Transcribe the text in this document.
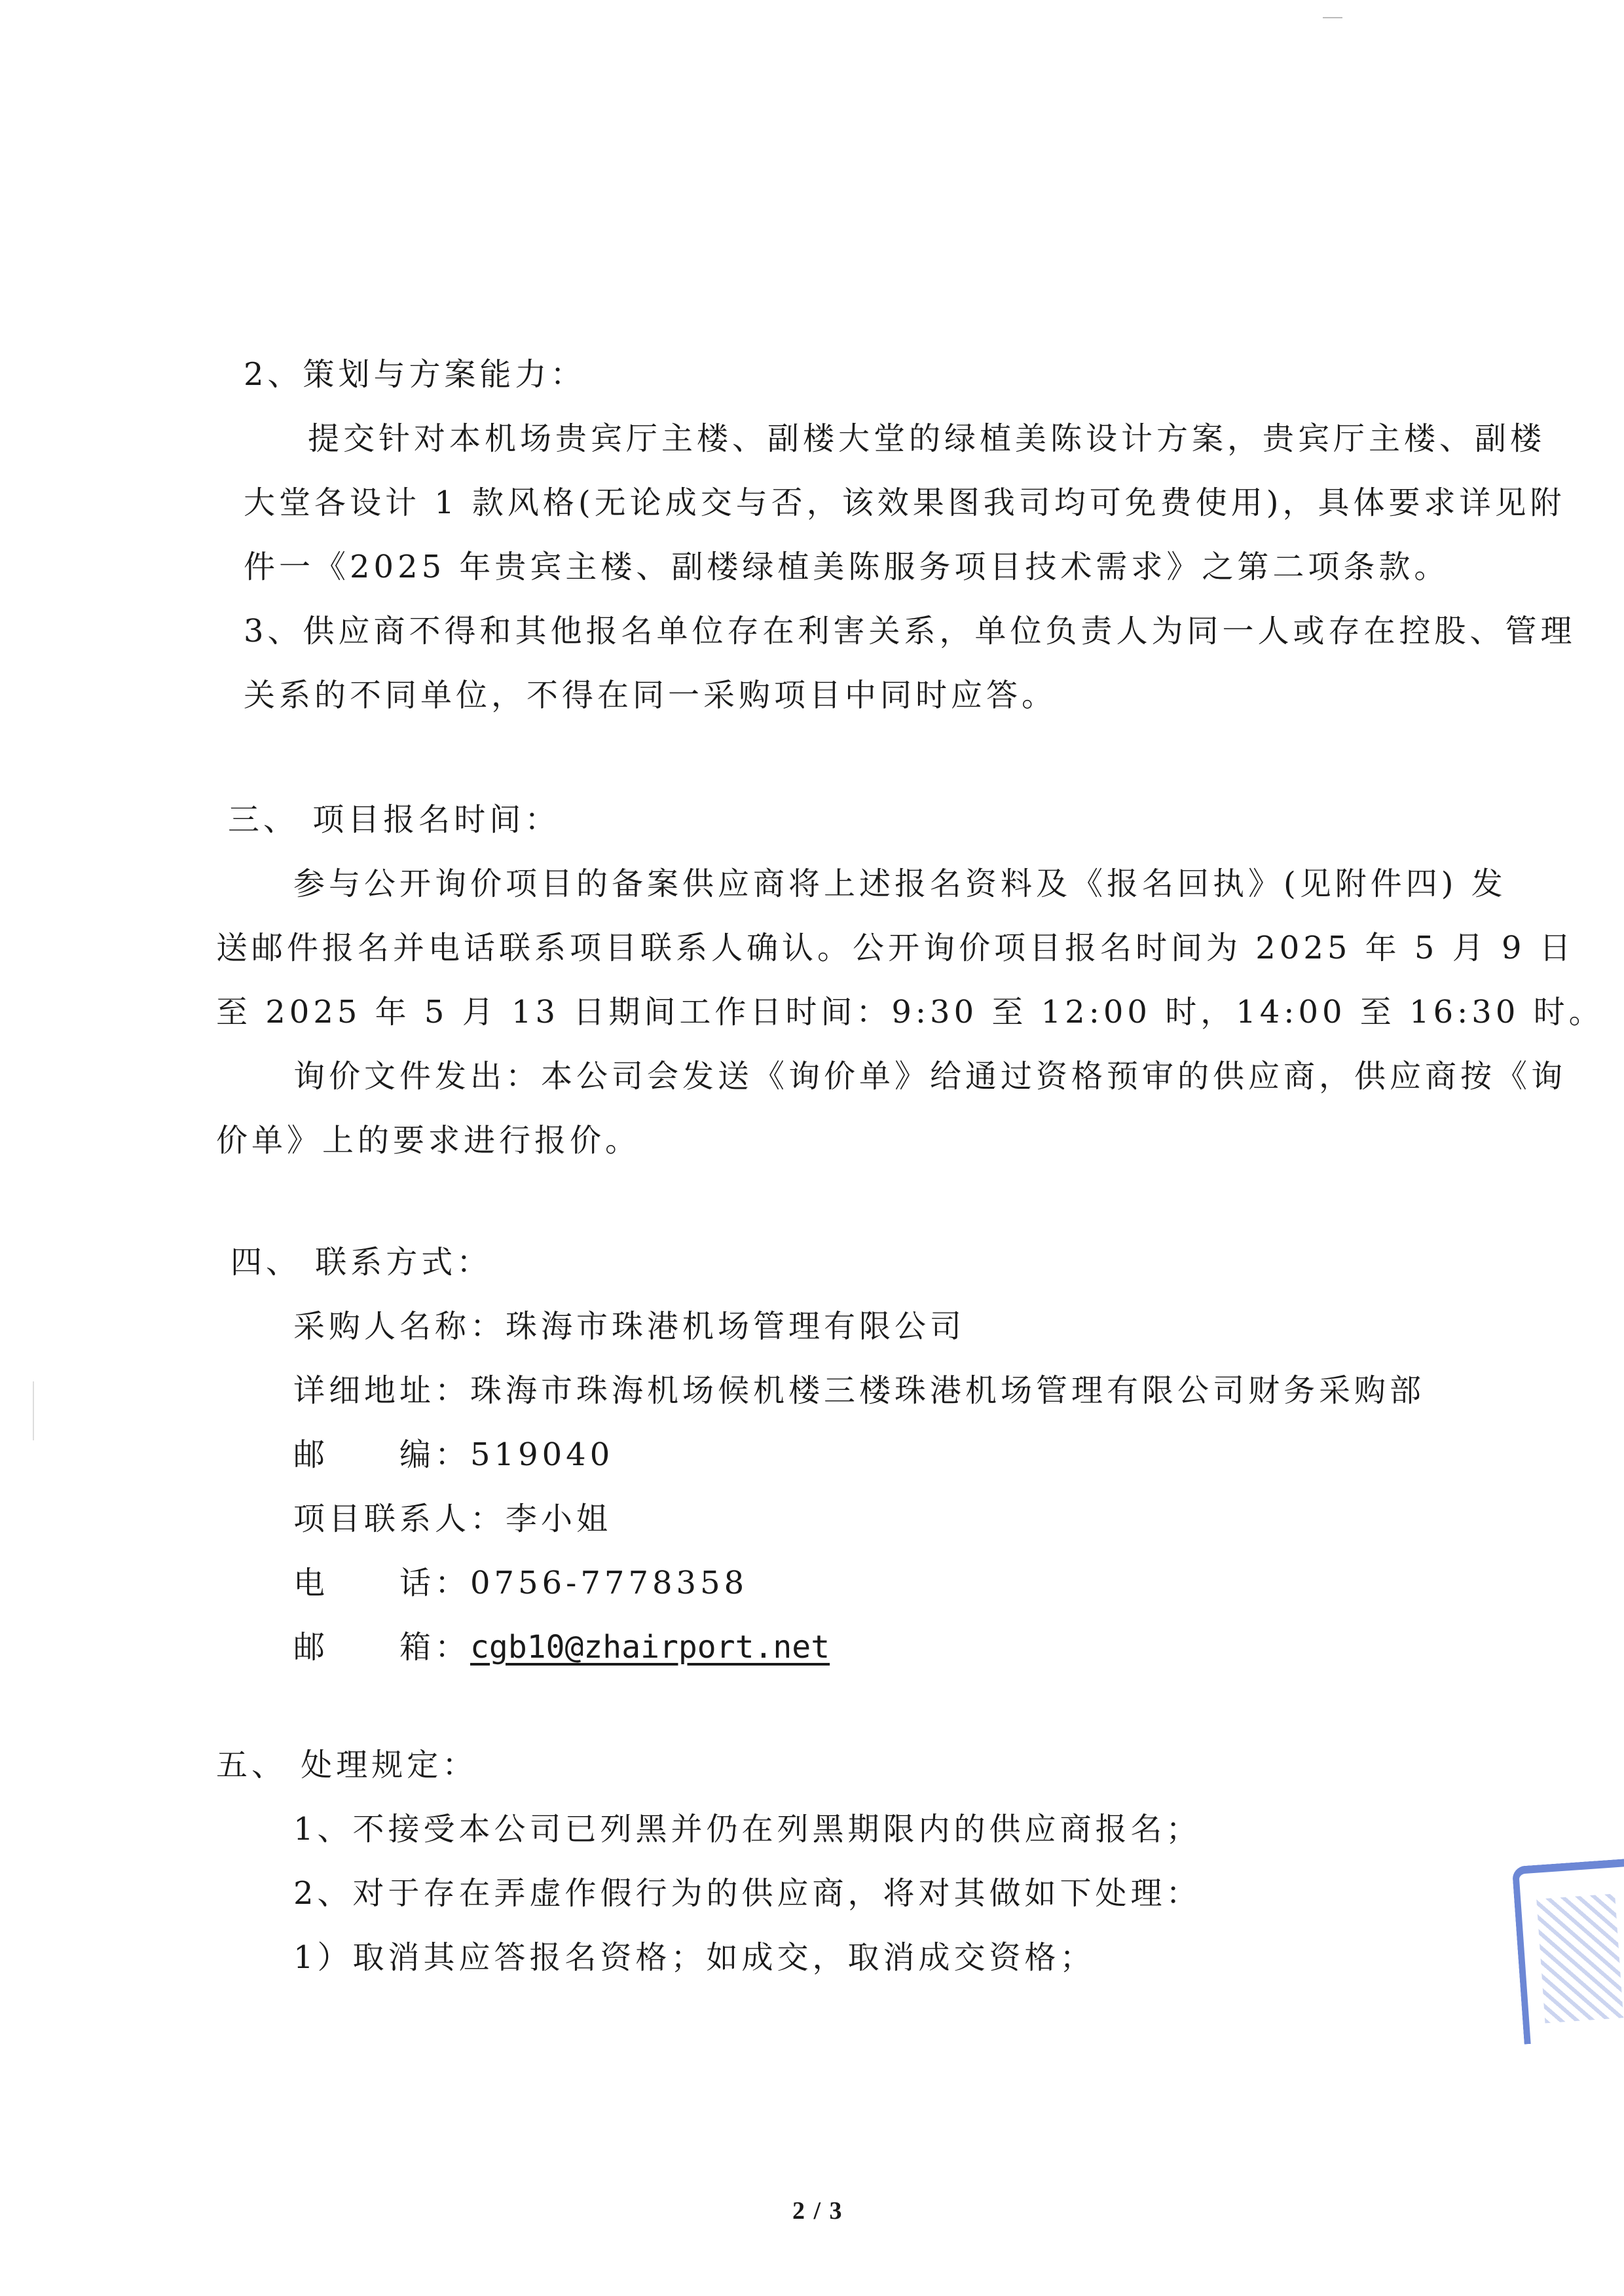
2、策划与方案能力：
提交针对本机场贵宾厅主楼、副楼大堂的绿植美陈设计方案，贵宾厅主楼、副楼
大堂各设计 1 款风格(无论成交与否，该效果图我司均可免费使用)，具体要求详见附
件一《2025 年贵宾主楼、副楼绿植美陈服务项目技术需求》之第二项条款。
3、供应商不得和其他报名单位存在利害关系，单位负责人为同一人或存在控股、管理
关系的不同单位，不得在同一采购项目中同时应答。
三、 项目报名时间：
参与公开询价项目的备案供应商将上述报名资料及《报名回执》(见附件四) 发
送邮件报名并电话联系项目联系人确认。公开询价项目报名时间为 2025 年 5 月 9 日
至 2025 年 5 月 13 日期间工作日时间：9:30 至 12:00 时，14:00 至 16:30 时。
询价文件发出：本公司会发送《询价单》给通过资格预审的供应商，供应商按《询
价单》上的要求进行报价。
四、 联系方式：
采购人名称：珠海市珠港机场管理有限公司
详细地址：珠海市珠海机场候机楼三楼珠港机场管理有限公司财务采购部
邮　　编：519040
项目联系人：李小姐
电　　话：0756-7778358
邮　　箱：cgb10@zhairport.net
五、 处理规定：
1、不接受本公司已列黑并仍在列黑期限内的供应商报名；
2、对于存在弄虚作假行为的供应商，将对其做如下处理：
1）取消其应答报名资格；如成交，取消成交资格；
2 / 3
